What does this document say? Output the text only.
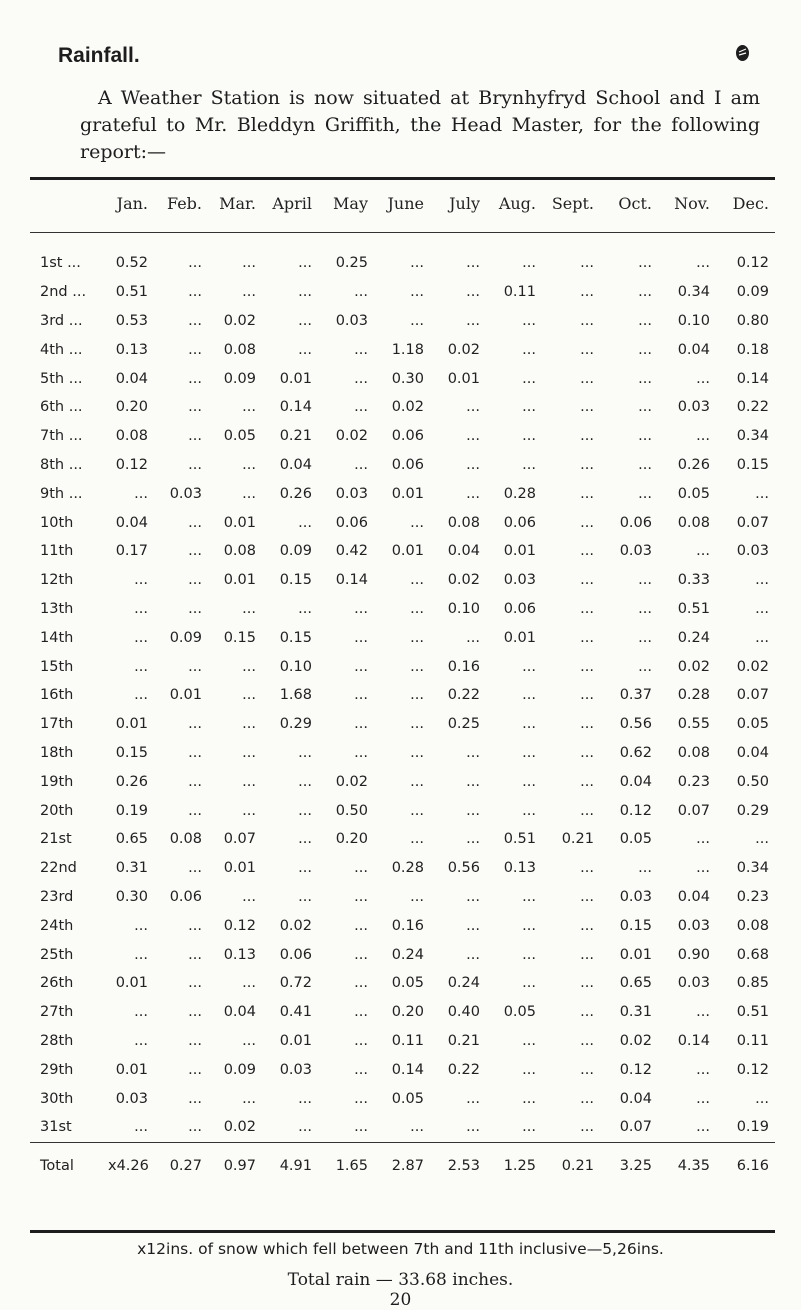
Rainfall.

A Weather Station is now situated at Brynhyfryd School and I am grateful to Mr. Bleddyn Griffith, the Head Master, for the following report:—

	Jan.	Feb.	Mar.	April	May	June	July	Aug.	Sept.	Oct.	Nov.	Dec.
1st ...	0.52	...	...	...	0.25	...	...	...	...	...	...	0.12
2nd ...	0.51	...	...	...	...	...	...	0.11	...	...	0.34	0.09
3rd ...	0.53	...	0.02	...	0.03	...	...	...	...	...	0.10	0.80
4th ...	0.13	...	0.08	...	...	1.18	0.02	...	...	...	0.04	0.18
5th ...	0.04	...	0.09	0.01	...	0.30	0.01	...	...	...	...	0.14
6th ...	0.20	...	...	0.14	...	0.02	...	...	...	...	0.03	0.22
7th ...	0.08	...	0.05	0.21	0.02	0.06	...	...	...	...	...	0.34
8th ...	0.12	...	...	0.04	...	0.06	...	...	...	...	0.26	0.15
9th ...	...	0.03	...	0.26	0.03	0.01	...	0.28	...	...	0.05	...
10th	0.04	...	0.01	...	0.06	...	0.08	0.06	...	0.06	0.08	0.07
11th	0.17	...	0.08	0.09	0.42	0.01	0.04	0.01	...	0.03	...	0.03
12th	...	...	0.01	0.15	0.14	...	0.02	0.03	...	...	0.33	...
13th	...	...	...	...	...	...	0.10	0.06	...	...	0.51	...
14th	...	0.09	0.15	0.15	...	...	...	0.01	...	...	0.24	...
15th	...	...	...	0.10	...	...	0.16	...	...	...	0.02	0.02
16th	...	0.01	...	1.68	...	...	0.22	...	...	0.37	0.28	0.07
17th	0.01	...	...	0.29	...	...	0.25	...	...	0.56	0.55	0.05
18th	0.15	...	...	...	...	...	...	...	...	0.62	0.08	0.04
19th	0.26	...	...	...	0.02	...	...	...	...	0.04	0.23	0.50
20th	0.19	...	...	...	0.50	...	...	...	...	0.12	0.07	0.29
21st	0.65	0.08	0.07	...	0.20	...	...	0.51	0.21	0.05	...	...
22nd	0.31	...	0.01	...	...	0.28	0.56	0.13	...	...	...	0.34
23rd	0.30	0.06	...	...	...	...	...	...	...	0.03	0.04	0.23
24th	...	...	0.12	0.02	...	0.16	...	...	...	0.15	0.03	0.08
25th	...	...	0.13	0.06	...	0.24	...	...	...	0.01	0.90	0.68
26th	0.01	...	...	0.72	...	0.05	0.24	...	...	0.65	0.03	0.85
27th	...	...	0.04	0.41	...	0.20	0.40	0.05	...	0.31	...	0.51
28th	...	...	...	0.01	...	0.11	0.21	...	...	0.02	0.14	0.11
29th	0.01	...	0.09	0.03	...	0.14	0.22	...	...	0.12	...	0.12
30th	0.03	...	...	...	...	0.05	...	...	...	0.04	...	...
31st	...	...	0.02	...	...	...	...	...	...	0.07	...	0.19
Total	x4.26	0.27	0.97	4.91	1.65	2.87	2.53	1.25	0.21	3.25	4.35	6.16

x12ins. of snow which fell between 7th and 11th inclusive—5,26ins.

Total rain — 33.68 inches.

20
